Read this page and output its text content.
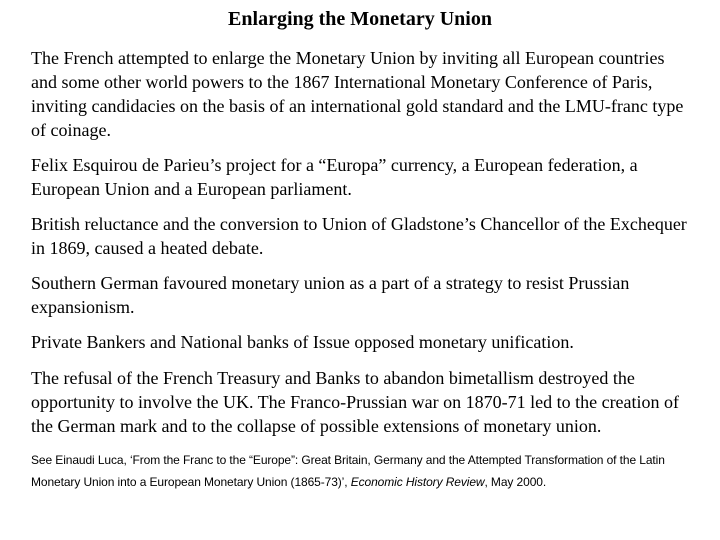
Enlarging the Monetary Union

The French attempted to enlarge the Monetary Union by inviting all European countries and some other world powers to the 1867 International Monetary Conference of Paris, inviting candidacies on the basis of an international gold standard and the LMU-franc type of coinage.

Felix Esquirou de Parieu’s project for a “Europa” currency, a European federation, a European Union and a European parliament.

British reluctance and the conversion to Union of Gladstone’s Chancellor of the Exchequer in 1869, caused a heated debate.

Southern German favoured monetary union as a part of a strategy to resist Prussian expansionism.

Private Bankers and National banks of Issue opposed monetary unification.

The refusal of the French Treasury and Banks to abandon bimetallism destroyed the opportunity to involve the UK. The Franco-Prussian war on 1870-71 led to the creation of the German mark and to the collapse of possible extensions of monetary union.

See Einaudi Luca, ‘From the Franc to the “Europe”: Great Britain, Germany and the Attempted Transformation of the Latin Monetary Union into a European Monetary Union (1865-73)’, Economic History Review, May 2000.
